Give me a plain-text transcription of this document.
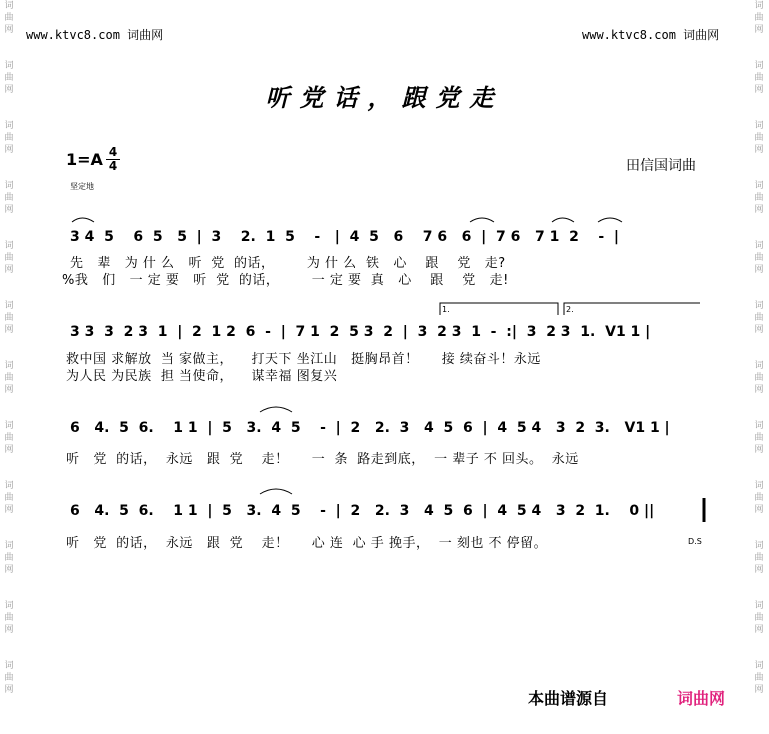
词
曲
网
词
曲
网
词
曲
网
词
曲
网
词
曲
网
词
曲
网
词
曲
网
词
曲
网
词
曲
网
词
曲
网
词
曲
网
词
曲
网
词
曲
网
词
曲
网
词
曲
网
词
曲
网
词
曲
网
词
曲
网
词
曲
网
词
曲
网
词
曲
网
词
曲
网
词
曲
网
词
曲
网
www.ktvc8.com 词曲网	www.ktvc8.com 词曲网
听党话，跟党走
$1=A \frac{4}{4}$
坚定地
田信国词曲
3 4  5    6  5   5  |  3    2.  1  5    -   |  4  5   6    7 6   6  |  7 6   7 1  2    -  |
先   辈   为 什 么   听  党  的话，       为 什 么  铁   心    跟    党   走?
%我   们   一 定 要   听  党  的话，       一 定 要  真   心    跟    党   走!
1.	2.
3 3  3  2 3  1  |  2  1 2  6  -  |  7 1  2  5 3  2  |  3  2 3  1  -  :|  3  2 3  1.  V1 1 |
救中国 求解放  当 家做主，    打天下 坐江山   挺胸昂首！     接 续奋斗！永远
为人民 为民族  担 当使命，    谋幸福 图复兴
6   4.  5  6.    1 1  |  5   3.  4  5    -  |  2   2.  3   4  5  6  |  4  5 4   3  2  3.   V1 1 |
听   党  的话，  永远   跟  党    走！     一  条  路走到底，  一 辈子 不 回头。  永远
6   4.  5  6.    1 1  |  5   3.  4  5    -  |  2   2.  3   4  5  6  |  4  5 4   3  2  1.    0 ||
听   党  的话，  永远   跟  党    走！     心 连  心 手 挽手，  一 刻也 不 停留。	D.S
本曲谱源自	词曲网
